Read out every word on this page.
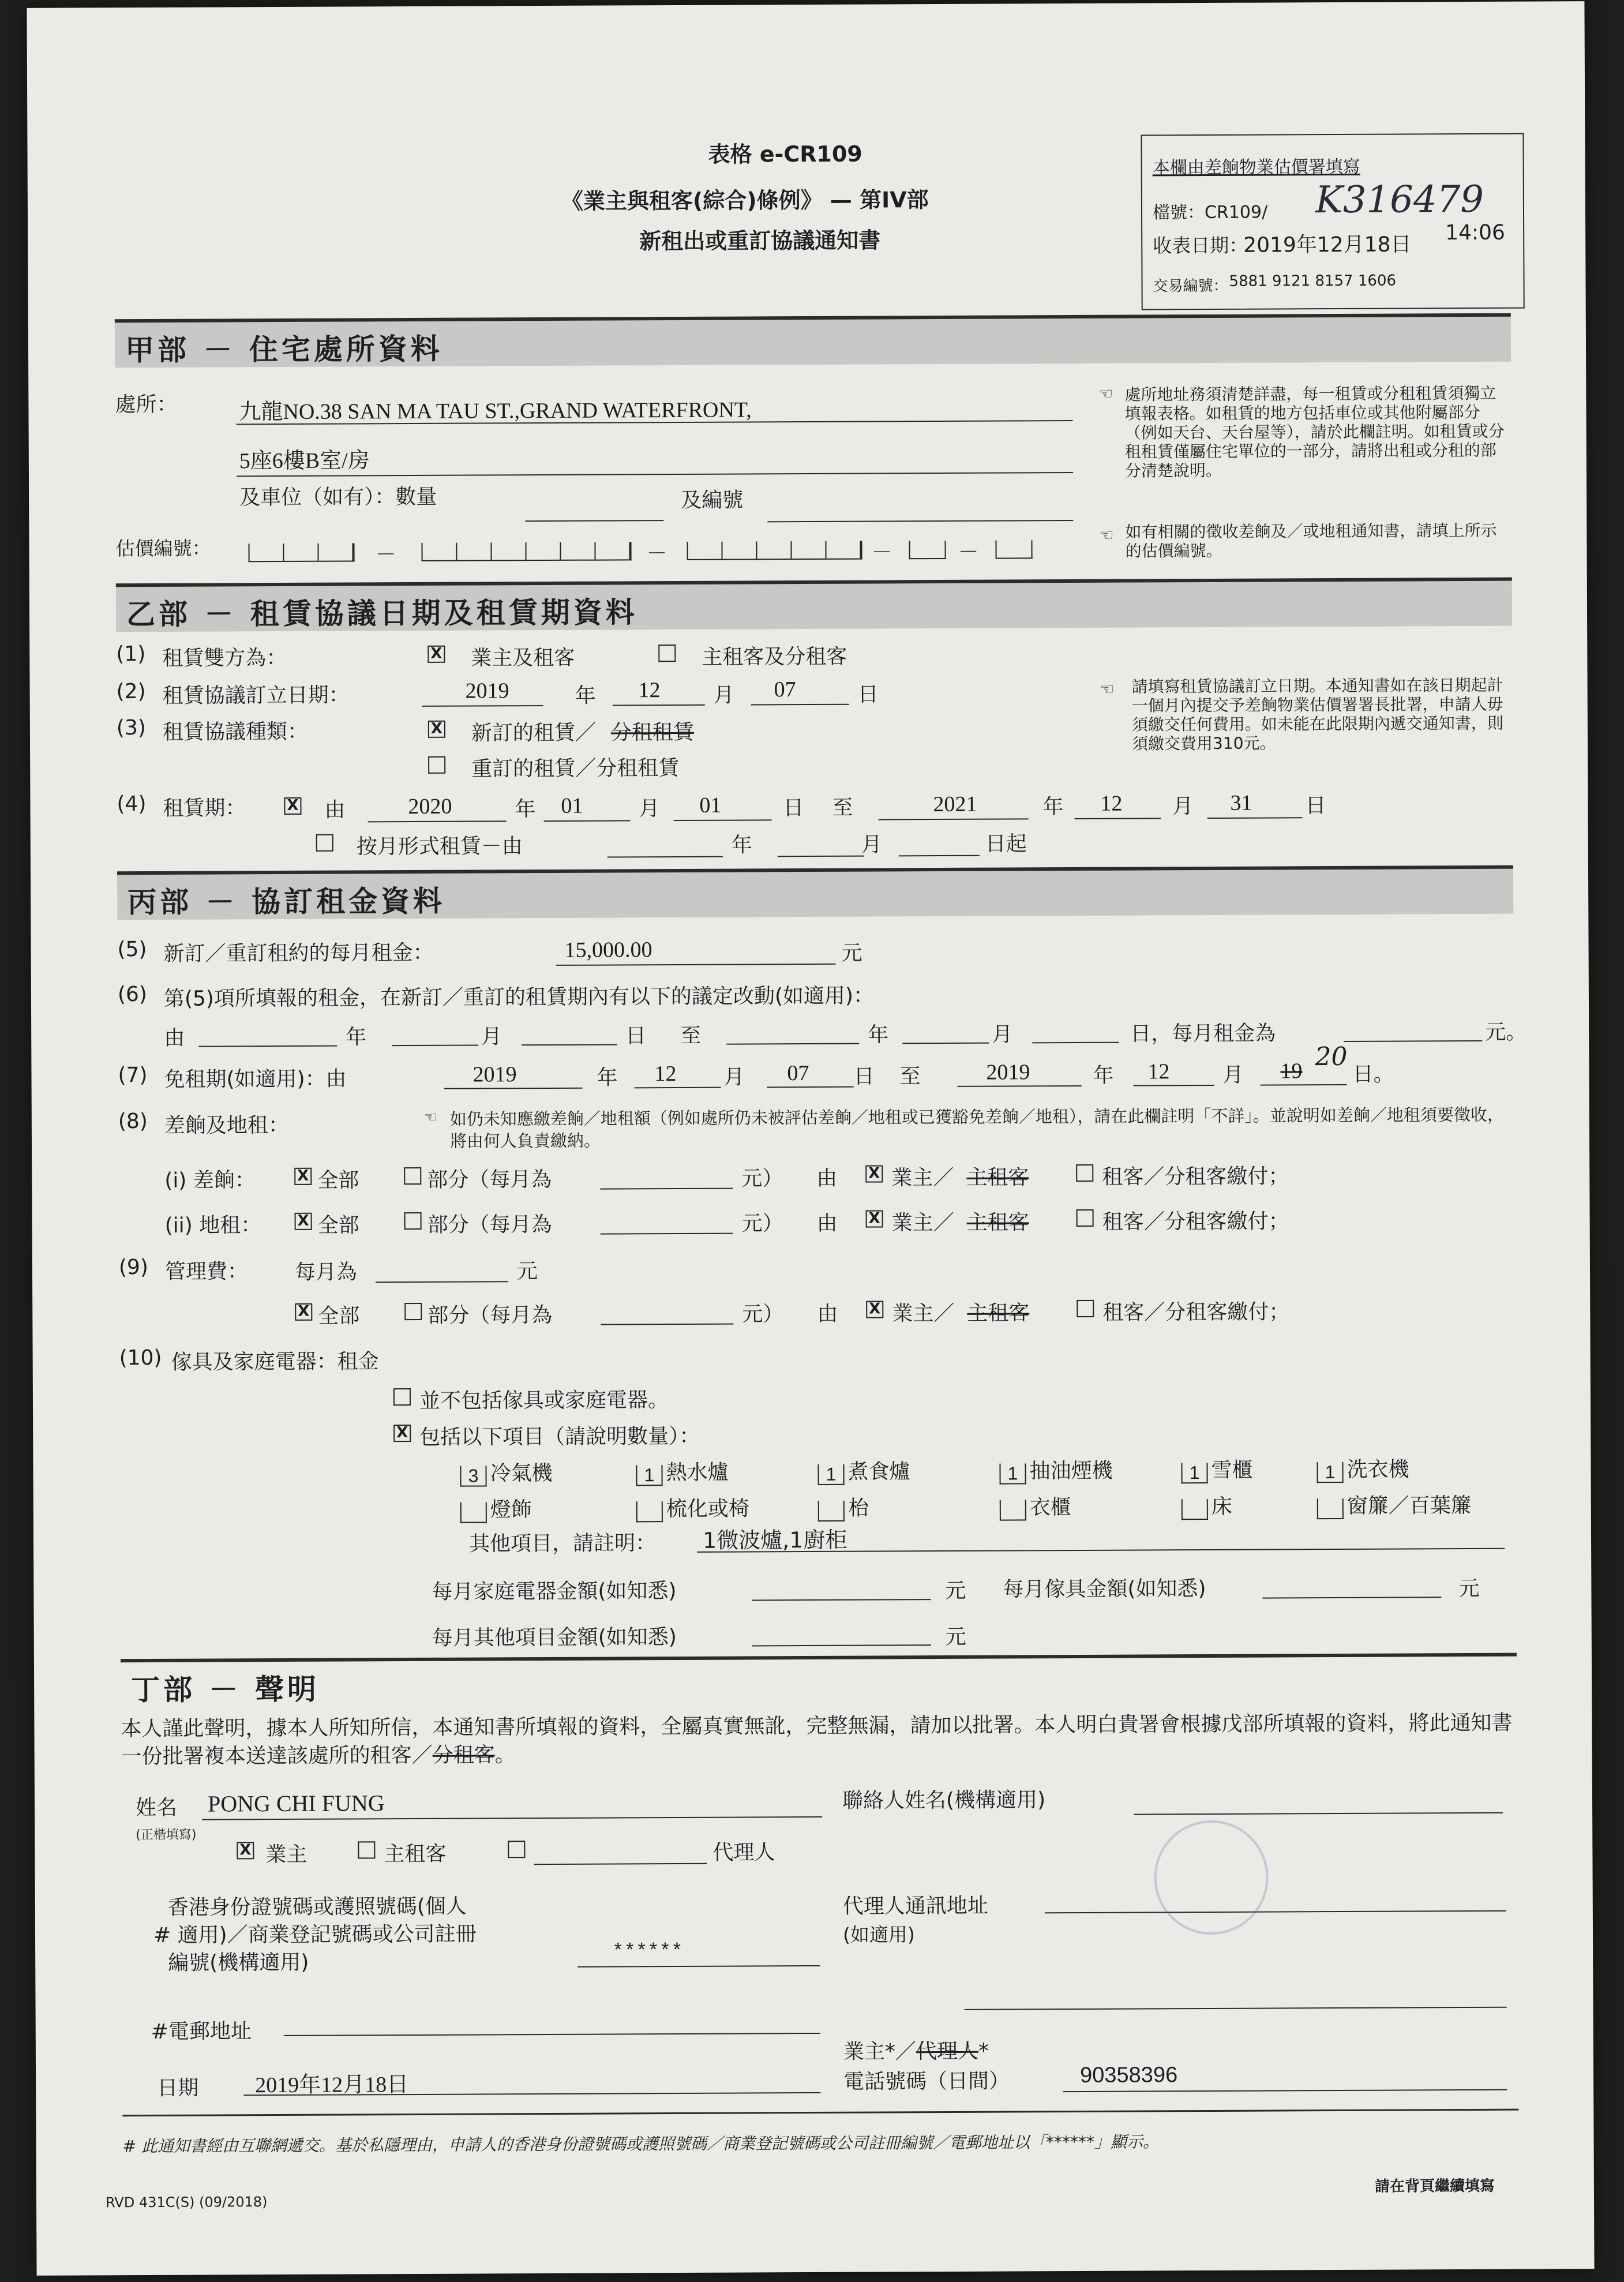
表格 e-CR109
《業主與租客(綜合)條例》 — 第IV部
新租出或重訂協議通知書
本欄由差餉物業估價署填寫
檔號：CR109/ K316479
收表日期：
2019年12月18日 14:06
交易編號： 5881 9121 8157 1606
甲部 － 住宅處所資料
處所：	九龍NO.38 SAN MA TAU ST.,GRAND WATERFRONT,
5座6樓B室/房
及車位（如有）：數量	及編號
估價編號：	－	－	－	－
☜ 處所地址務須清楚詳盡，每一租賃或分租租賃須獨立填報表格。如租賃的地方包括車位或其他附屬部分（例如天台、天台屋等），請於此欄註明。如租賃或分租租賃僅屬住宅單位的一部分，請將出租或分租的部分清楚說明。
☜ 如有相關的徵收差餉及／或地租通知書，請填上所示的估價編號。
乙部 － 租賃協議日期及租賃期資料
(1) 租賃雙方為：	X 業主及租客	主租客及分租客
(2) 租賃協議訂立日期：	2019	年 12	月 07	日
(3) 租賃協議種類：	X 新訂的租賃／ 分租租賃
重訂的租賃／分租租賃
☜ 請填寫租賃協議訂立日期。本通知書如在該日期起計一個月內提交予差餉物業估價署署長批署，申請人毋須繳交任何費用。如未能在此限期內遞交通知書，則須繳交費用310元。
(4) 租賃期：	X 由	2020	年 01	月 01	日 至	2021	年 12 月 31	日
按月形式租賃－由	年	月	日起
丙部 － 協訂租金資料
(5) 新訂／重訂租約的每月租金：	15,000.00	元
(6) 第(5)項所填報的租金，在新訂／重訂的租賃期內有以下的議定改動(如適用)：
由	年	月	日 至	年	月	日，每月租金為	元。
(7) 免租期(如適用)：由	2019	年 12 月 07 日 至	2019	年 12	月 19 20
日。
(8) 差餉及地租：	☜ 如仍未知應繳差餉／地租額（例如處所仍未被評估差餉／地租或已獲豁免差餉／地租），請在此欄註明「不詳」。並說明如差餉／地租須要徵收，將由何人負責繳納。
(i) 差餉：	X 全部	部分（每月為	元） 由 X 業主／ 主租客	租客／分租客繳付；
(ii) 地租： X 全部	部分（每月為	元） 由 X 業主／ 主租客	租客／分租客繳付；
(9) 管理費： 每月為	元
X 全部	部分（每月為	元） 由 X 業主／ 主租客	租客／分租客繳付；
(10) 傢具及家庭電器：租金
並不包括傢具或家庭電器。
X 包括以下項目（請說明數量）：
3 冷氣機	1 熱水爐	1 煮食爐	1 抽油煙機	1 雪櫃	1 洗衣機
燈飾	梳化或椅	枱	衣櫃	床	窗簾／百葉簾
其他項目，請註明： 1微波爐,1廚柜
每月家庭電器金額(如知悉)	元 每月傢具金額(如知悉)	元
每月其他項目金額(如知悉)	元
丁部 － 聲明
本人謹此聲明，據本人所知所信，本通知書所填報的資料，全屬真實無訛，完整無漏，請加以批署。本人明白貴署會根據戊部所填報的資料，將此通知書一份批署複本送達該處所的租客／分租客。
姓名 PONG CHI FUNG
(正楷填寫)
聯絡人姓名(機構適用)
X 業主	主租客	代理人
香港身份證號碼或護照號碼(個人
# 適用)／商業登記號碼或公司註冊
編號(機構適用)	******
代理人通訊地址
(如適用)
#電郵地址
日期	2019年12月18日
業主*／代理人*
電話號碼（日間）	90358396
# 此通知書經由互聯網遞交。基於私隱理由，申請人的香港身份證號碼或護照號碼／商業登記號碼或公司註冊編號／電郵地址以「******」顯示。
RVD 431C(S) (09/2018)
請在背頁繼續填寫
